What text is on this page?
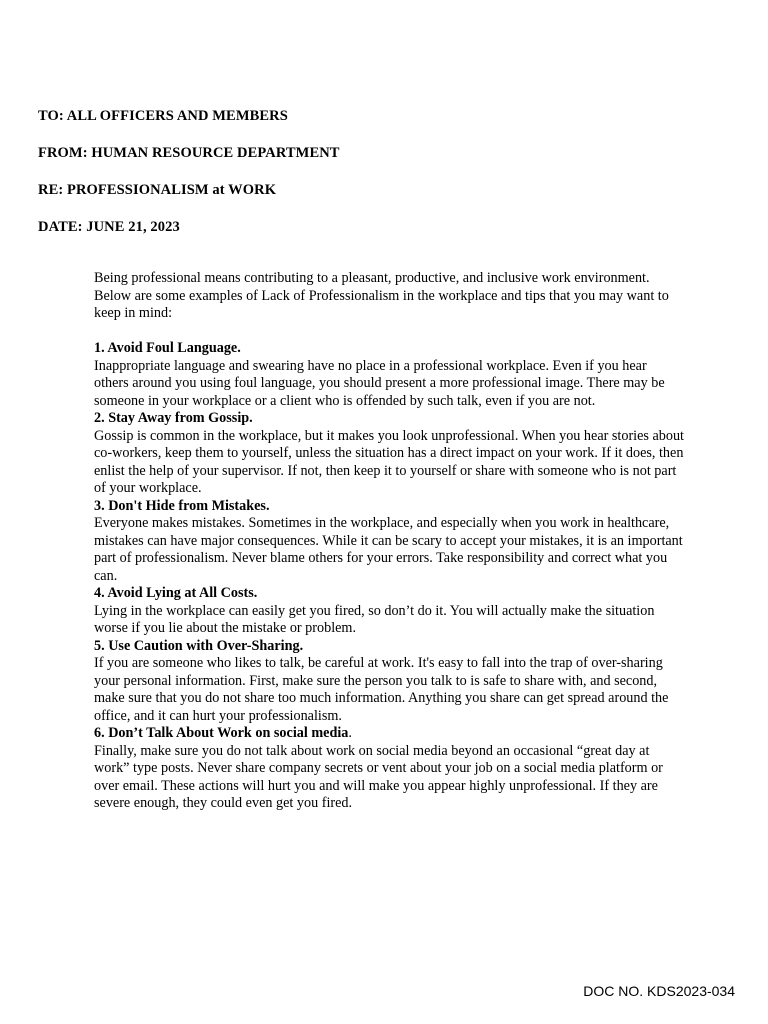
TO: ALL OFFICERS AND MEMBERS
FROM: HUMAN RESOURCE DEPARTMENT
RE: PROFESSIONALISM at WORK
DATE: JUNE 21, 2023

Being professional means contributing to a pleasant, productive, and inclusive work environment. Below are some examples of Lack of Professionalism in the workplace and tips that you may want to keep in mind:

1. Avoid Foul Language.

Inappropriate language and swearing have no place in a professional workplace. Even if you hear others around you using foul language, you should present a more professional image. There may be someone in your workplace or a client who is offended by such talk, even if you are not.

2. Stay Away from Gossip.

Gossip is common in the workplace, but it makes you look unprofessional. When you hear stories about co-workers, keep them to yourself, unless the situation has a direct impact on your work. If it does, then enlist the help of your supervisor. If not, then keep it to yourself or share with someone who is not part of your workplace.

3. Don't Hide from Mistakes.

Everyone makes mistakes. Sometimes in the workplace, and especially when you work in healthcare, mistakes can have major consequences. While it can be scary to accept your mistakes, it is an important part of professionalism. Never blame others for your errors. Take responsibility and correct what you can.

4. Avoid Lying at All Costs.

Lying in the workplace can easily get you fired, so don’t do it. You will actually make the situation worse if you lie about the mistake or problem.

5. Use Caution with Over-Sharing.

If you are someone who likes to talk, be careful at work. It's easy to fall into the trap of over-sharing your personal information. First, make sure the person you talk to is safe to share with, and second, make sure that you do not share too much information. Anything you share can get spread around the office, and it can hurt your professionalism.

6. Don’t Talk About Work on social media.

Finally, make sure you do not talk about work on social media beyond an occasional “great day at work” type posts. Never share company secrets or vent about your job on a social media platform or over email. These actions will hurt you and will make you appear highly unprofessional. If they are severe enough, they could even get you fired.

DOC NO. KDS2023-034
